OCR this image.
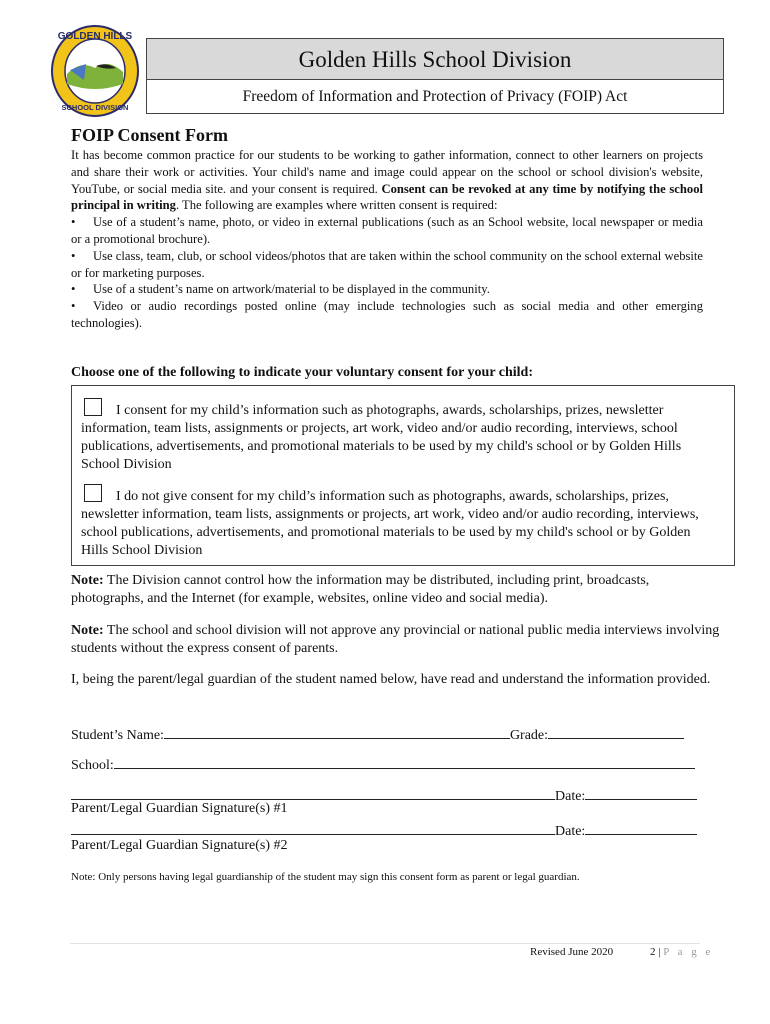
GOLDEN HILLS
SCHOOL DIVISION
Golden Hills School Division
Freedom of Information and Protection of Privacy (FOIP) Act
FOIP Consent Form

It has become common practice for our students to be working to gather information, connect to other learners on projects and share their work or activities. Your child's name and image could appear on the school or school division's website, YouTube, or social media site. and your consent is required. Consent can be revoked at any time by notifying the school principal in writing. The following are examples where written consent is required:

• Use of a student’s name, photo, or video in external publications (such as an School website, local newspaper or media or a promotional brochure).
• Use class, team, club, or school videos/photos that are taken within the school community on the school external website or for marketing purposes.
• Use of a student’s name on artwork/material to be displayed in the community.
• Video or audio recordings posted online (may include technologies such as social media and other emerging technologies).
Choose one of the following to indicate your voluntary consent for your child:
I consent for my child’s information such as photographs, awards, scholarships, prizes, newsletter information, team lists, assignments or projects, art work, video and/or audio recording, interviews, school publications, advertisements, and promotional materials to be used by my child's school or by Golden Hills School Division
I do not give consent for my child’s information such as photographs, awards, scholarships, prizes, newsletter information, team lists, assignments or projects, art work, video and/or audio recording, interviews, school publications, advertisements, and promotional materials to be used by my child's school or by Golden Hills School Division
Note: The Division cannot control how the information may be distributed, including print, broadcasts, photographs, and the Internet (for example, websites, online video and social media).
Note: The school and school division will not approve any provincial or national public media interviews involving students without the express consent of parents.
I, being the parent/legal guardian of the student named below, have read and understand the information provided.
Student’s Name:	Grade:
School:
Date:
Parent/Legal Guardian Signature(s) #1
Date:
Parent/Legal Guardian Signature(s) #2
Note: Only persons having legal guardianship of the student may sign this consent form as parent or legal guardian.
Revised June 2020	2 | P a g e
